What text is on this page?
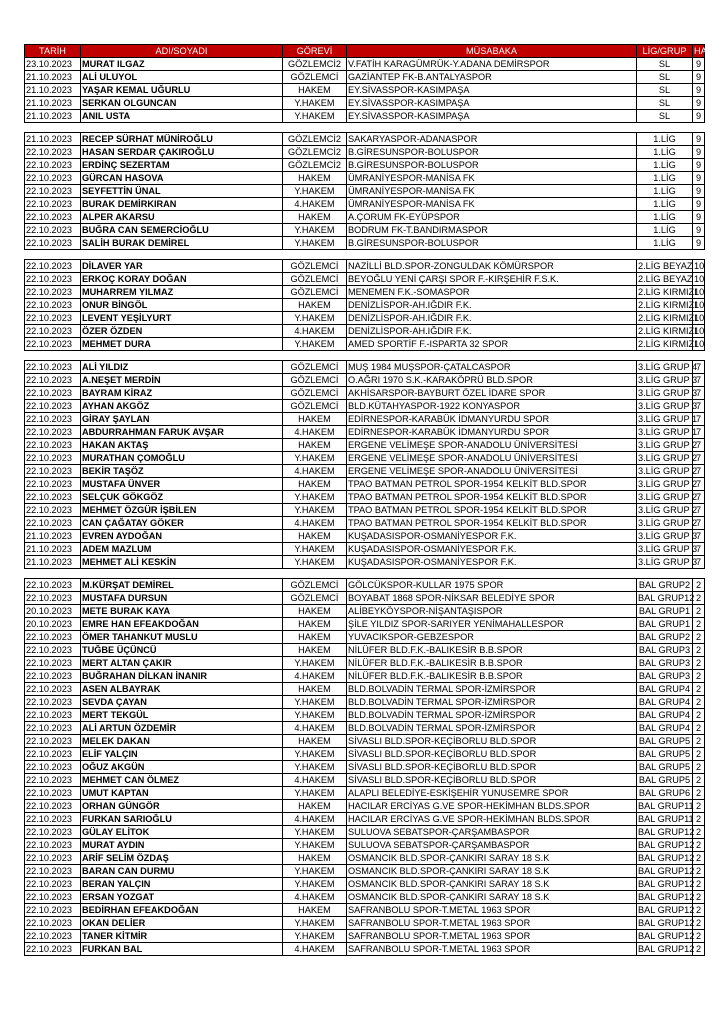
TARİH	ADI/SOYADI	GÖREVİ	MÜSABAKA	LİG/GRUP	HAFTA
23.10.2023	MURAT ILGAZ	GÖZLEMCİ2	V.FATİH KARAGÜMRÜK-Y.ADANA DEMİRSPOR	SL	9
21.10.2023	ALİ ULUYOL	GÖZLEMCİ	GAZİANTEP FK-B.ANTALYASPOR	SL	9
21.10.2023	YAŞAR KEMAL UĞURLU	HAKEM	EY.SİVASSPOR-KASIMPAŞA	SL	9
21.10.2023	SERKAN OLGUNCAN	Y.HAKEM	EY.SİVASSPOR-KASIMPAŞA	SL	9
21.10.2023	ANIL USTA	Y.HAKEM	EY.SİVASSPOR-KASIMPAŞA	SL	9

21.10.2023	RECEP SÜRHAT MÜNİROĞLU	GÖZLEMCİ2	SAKARYASPOR-ADANASPOR	1.LİG	9
22.10.2023	HASAN SERDAR ÇAKIROĞLU	GÖZLEMCİ2	B.GİRESUNSPOR-BOLUSPOR	1.LİG	9
22.10.2023	ERDİNÇ SEZERTAM	GÖZLEMCİ2	B.GİRESUNSPOR-BOLUSPOR	1.LİG	9
22.10.2023	GÜRCAN HASOVA	HAKEM	ÜMRANİYESPOR-MANİSA FK	1.LİG	9
22.10.2023	SEYFETTİN ÜNAL	Y.HAKEM	ÜMRANİYESPOR-MANİSA FK	1.LİG	9
22.10.2023	BURAK DEMİRKIRAN	4.HAKEM	ÜMRANİYESPOR-MANİSA FK	1.LİG	9
22.10.2023	ALPER AKARSU	HAKEM	A.ÇORUM FK-EYÜPSPOR	1.LİG	9
22.10.2023	BUĞRA CAN SEMERCİOĞLU	Y.HAKEM	BODRUM FK-T.BANDIRMASPOR	1.LİG	9
22.10.2023	SALİH BURAK DEMİREL	Y.HAKEM	B.GİRESUNSPOR-BOLUSPOR	1.LİG	9

22.10.2023	DİLAVER YAR	GÖZLEMCİ	NAZİLLİ BLD.SPOR-ZONGULDAK KÖMÜRSPOR	2.LİG BEYAZ	10
22.10.2023	ERKOÇ KORAY DOĞAN	GÖZLEMCİ	BEYOĞLU YENİ ÇARŞI SPOR F.-KIRŞEHİR F.S.K.	2.LİG BEYAZ	10
22.10.2023	MUHARREM YILMAZ	GÖZLEMCİ	MENEMEN F.K.-SOMASPOR	2.LİG KIRMIZI	10
22.10.2023	ONUR BİNGÖL	HAKEM	DENİZLİSPOR-AH.IĞDIR F.K.	2.LİG KIRMIZI	10
22.10.2023	LEVENT YEŞİLYURT	Y.HAKEM	DENİZLİSPOR-AH.IĞDIR F.K.	2.LİG KIRMIZI	10
22.10.2023	ÖZER ÖZDEN	4.HAKEM	DENİZLİSPOR-AH.IĞDIR F.K.	2.LİG KIRMIZI	10
22.10.2023	MEHMET DURA	Y.HAKEM	AMED SPORTİF F.-ISPARTA 32 SPOR	2.LİG KIRMIZI	10

22.10.2023	ALİ YILDIZ	GÖZLEMCİ	MUŞ 1984 MUŞSPOR-ÇATALCASPOR	3.LİG GRUP 4	7
22.10.2023	A.NEŞET MERDİN	GÖZLEMCİ	O.AĞRI 1970 S.K.-KARAKÖPRÜ BLD.SPOR	3.LİG GRUP 3	7
22.10.2023	BAYRAM KİRAZ	GÖZLEMCİ	AKHİSARSPOR-BAYBURT ÖZEL İDARE SPOR	3.LİG GRUP 3	7
22.10.2023	AYHAN AKGÖZ	GÖZLEMCİ	BLD.KÜTAHYASPOR-1922 KONYASPOR	3.LİG GRUP 3	7
22.10.2023	GİRAY ŞAYLAN	HAKEM	EDİRNESPOR-KARABÜK İDMANYURDU SPOR	3.LİG GRUP 1	7
22.10.2023	ABDURRAHMAN FARUK AVŞAR	4.HAKEM	EDİRNESPOR-KARABÜK İDMANYURDU SPOR	3.LİG GRUP 1	7
22.10.2023	HAKAN AKTAŞ	HAKEM	ERGENE VELİMEŞE SPOR-ANADOLU ÜNİVERSİTESİ	3.LİG GRUP 2	7
22.10.2023	MURATHAN ÇOMOĞLU	Y.HAKEM	ERGENE VELİMEŞE SPOR-ANADOLU ÜNİVERSİTESİ	3.LİG GRUP 2	7
22.10.2023	BEKİR TAŞÖZ	4.HAKEM	ERGENE VELİMEŞE SPOR-ANADOLU ÜNİVERSİTESİ	3.LİG GRUP 2	7
22.10.2023	MUSTAFA ÜNVER	HAKEM	TPAO BATMAN PETROL SPOR-1954 KELKİT BLD.SPOR	3.LİG GRUP 2	7
22.10.2023	SELÇUK GÖKGÖZ	Y.HAKEM	TPAO BATMAN PETROL SPOR-1954 KELKİT BLD.SPOR	3.LİG GRUP 2	7
22.10.2023	MEHMET ÖZGÜR İŞBİLEN	Y.HAKEM	TPAO BATMAN PETROL SPOR-1954 KELKİT BLD.SPOR	3.LİG GRUP 2	7
22.10.2023	CAN ÇAĞATAY GÖKER	4.HAKEM	TPAO BATMAN PETROL SPOR-1954 KELKİT BLD.SPOR	3.LİG GRUP 2	7
21.10.2023	EVREN AYDOĞAN	HAKEM	KUŞADASISPOR-OSMANİYESPOR F.K.	3.LİG GRUP 3	7
21.10.2023	ADEM MAZLUM	Y.HAKEM	KUŞADASISPOR-OSMANİYESPOR F.K.	3.LİG GRUP 3	7
21.10.2023	MEHMET ALİ KESKİN	Y.HAKEM	KUŞADASISPOR-OSMANİYESPOR F.K.	3.LİG GRUP 3	7

22.10.2023	M.KÜRŞAT DEMİREL	GÖZLEMCİ	GÖLCÜKSPOR-KULLAR 1975 SPOR	BAL GRUP2	2
22.10.2023	MUSTAFA DURSUN	GÖZLEMCİ	BOYABAT 1868 SPOR-NİKSAR BELEDİYE SPOR	BAL GRUP12	2
20.10.2023	METE BURAK KAYA	HAKEM	ALİBEYKÖYSPOR-NİŞANTAŞISPOR	BAL GRUP1	2
20.10.2023	EMRE HAN EFEAKDOĞAN	HAKEM	ŞİLE YILDIZ SPOR-SARIYER YENİMAHALLESPOR	BAL GRUP1	2
22.10.2023	ÖMER TAHANKUT MUSLU	HAKEM	YUVACIKSPOR-GEBZESPOR	BAL GRUP2	2
22.10.2023	TUĞBE ÜÇÜNCÜ	HAKEM	NİLÜFER BLD.F.K.-BALIKESİR B.B.SPOR	BAL GRUP3	2
22.10.2023	MERT ALTAN ÇAKIR	Y.HAKEM	NİLÜFER BLD.F.K.-BALIKESİR B.B.SPOR	BAL GRUP3	2
22.10.2023	BUĞRAHAN DİLKAN İNANIR	4.HAKEM	NİLÜFER BLD.F.K.-BALIKESİR B.B.SPOR	BAL GRUP3	2
22.10.2023	ASEN ALBAYRAK	HAKEM	BLD.BOLVADİN TERMAL SPOR-İZMİRSPOR	BAL GRUP4	2
22.10.2023	SEVDA ÇAYAN	Y.HAKEM	BLD.BOLVADİN TERMAL SPOR-İZMİRSPOR	BAL GRUP4	2
22.10.2023	MERT TEKGÜL	Y.HAKEM	BLD.BOLVADİN TERMAL SPOR-İZMİRSPOR	BAL GRUP4	2
22.10.2023	ALİ ARTUN ÖZDEMİR	4.HAKEM	BLD.BOLVADİN TERMAL SPOR-İZMİRSPOR	BAL GRUP4	2
22.10.2023	MELEK DAKAN	HAKEM	SİVASLI BLD.SPOR-KEÇİBORLU BLD.SPOR	BAL GRUP5	2
22.10.2023	ELİF YALÇIN	Y.HAKEM	SİVASLI BLD.SPOR-KEÇİBORLU BLD.SPOR	BAL GRUP5	2
22.10.2023	OĞUZ AKGÜN	Y.HAKEM	SİVASLI BLD.SPOR-KEÇİBORLU BLD.SPOR	BAL GRUP5	2
22.10.2023	MEHMET CAN ÖLMEZ	4.HAKEM	SİVASLI BLD.SPOR-KEÇİBORLU BLD.SPOR	BAL GRUP5	2
22.10.2023	UMUT KAPTAN	Y.HAKEM	ALAPLI BELEDİYE-ESKİŞEHİR YUNUSEMRE SPOR	BAL GRUP6	2
22.10.2023	ORHAN GÜNGÖR	HAKEM	HACILAR ERCİYAS G.VE SPOR-HEKİMHAN BLDS.SPOR	BAL GRUP11	2
22.10.2023	FURKAN SARIOĞLU	4.HAKEM	HACILAR ERCİYAS G.VE SPOR-HEKİMHAN BLDS.SPOR	BAL GRUP11	2
22.10.2023	GÜLAY ELİTOK	Y.HAKEM	SULUOVA SEBATSPOR-ÇARŞAMBASPOR	BAL GRUP12	2
22.10.2023	MURAT AYDIN	Y.HAKEM	SULUOVA SEBATSPOR-ÇARŞAMBASPOR	BAL GRUP12	2
22.10.2023	ARİF SELİM ÖZDAŞ	HAKEM	OSMANCIK BLD.SPOR-ÇANKIRI SARAY 18 S.K	BAL GRUP12	2
22.10.2023	BARAN CAN DURMU	Y.HAKEM	OSMANCIK BLD.SPOR-ÇANKIRI SARAY 18 S.K	BAL GRUP12	2
22.10.2023	BERAN YALÇIN	Y.HAKEM	OSMANCIK BLD.SPOR-ÇANKIRI SARAY 18 S.K	BAL GRUP12	2
22.10.2023	ERSAN YOZGAT	4.HAKEM	OSMANCIK BLD.SPOR-ÇANKIRI SARAY 18 S.K	BAL GRUP12	2
22.10.2023	BEDİRHAN EFEAKDOĞAN	HAKEM	SAFRANBOLU SPOR-T.METAL 1963 SPOR	BAL GRUP12	2
22.10.2023	OKAN DELİER	Y.HAKEM	SAFRANBOLU SPOR-T.METAL 1963 SPOR	BAL GRUP12	2
22.10.2023	TANER KİTMİR	Y.HAKEM	SAFRANBOLU SPOR-T.METAL 1963 SPOR	BAL GRUP12	2
22.10.2023	FURKAN BAL	4.HAKEM	SAFRANBOLU SPOR-T.METAL 1963 SPOR	BAL GRUP12	2
